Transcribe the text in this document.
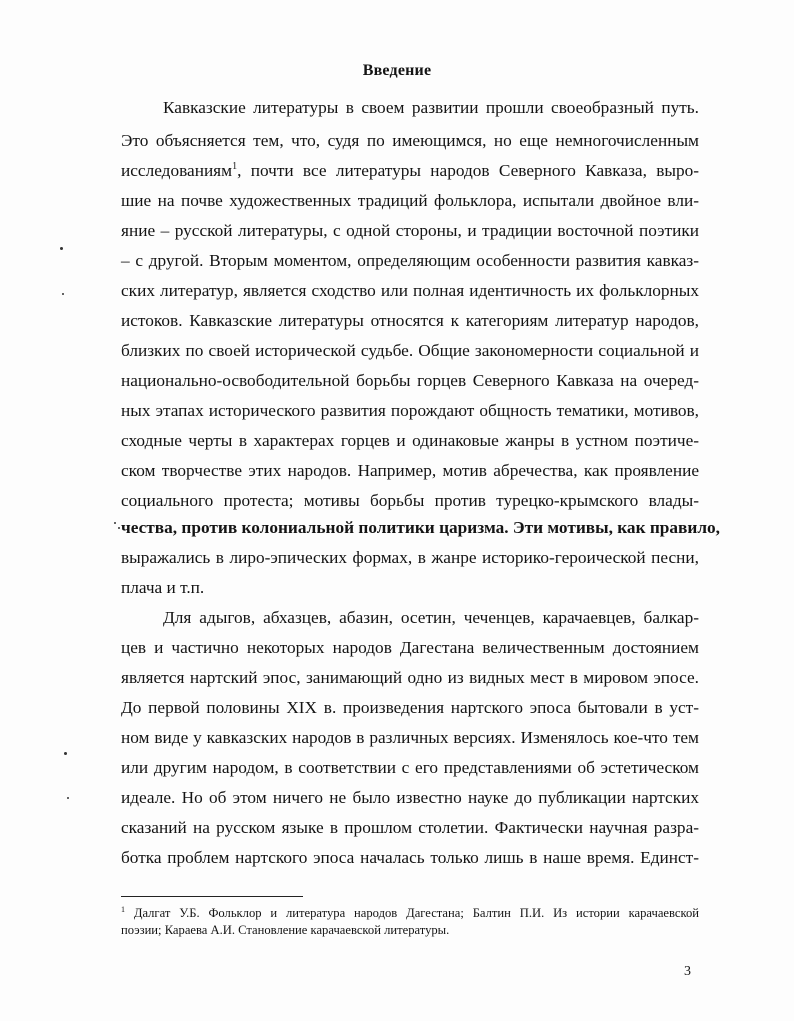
Введение
Кавказские литературы в своем развитии прошли своеобразный путь.
Это объясняется тем, что, судя по имеющимся, но еще немногочисленным
исследованиям$^1$, почти все литературы народов Северного Кавказа, выро-
шие на почве художественных традиций фольклора, испытали двойное вли-
яние – русской литературы, с одной стороны, и традиции восточной поэтики
– с другой. Вторым моментом, определяющим особенности развития кавказ-
ских литератур, является сходство или полная идентичность их фольклорных
истоков. Кавказские литературы относятся к категориям литератур народов,
близких по своей исторической судьбе. Общие закономерности социальной и
национально-освободительной борьбы горцев Северного Кавказа на очеред-
ных этапах исторического развития порождают общность тематики, мотивов,
сходные черты в характерах горцев и одинаковые жанры в устном поэтиче-
ском творчестве этих народов. Например, мотив абречества, как проявление
социального протеста; мотивы борьбы против турецко-крымского влады-
чества, против колониальной политики царизма. Эти мотивы, как правило,
выражались в лиро-эпических формах, в жанре историко-героической песни,
плача и т.п.
Для адыгов, абхазцев, абазин, осетин, чеченцев, карачаевцев, балкар-
цев и частично некоторых народов Дагестана величественным достоянием
является нартский эпос, занимающий одно из видных мест в мировом эпосе.
До первой половины XIX в. произведения нартского эпоса бытовали в уст-
ном виде у кавказских народов в различных версиях. Изменялось кое-что тем
или другим народом, в соответствии с его представлениями об эстетическом
идеале. Но об этом ничего не было известно науке до публикации нартских
сказаний на русском языке в прошлом столетии. Фактически научная разра-
ботка проблем нартского эпоса началась только лишь в наше время. Единст-
$^1$ Далгат У.Б. Фольклор и литература народов Дагестана; Балтин П.И. Из истории карачаевской
поэзии; Караева А.И. Становление карачаевской литературы.
3
